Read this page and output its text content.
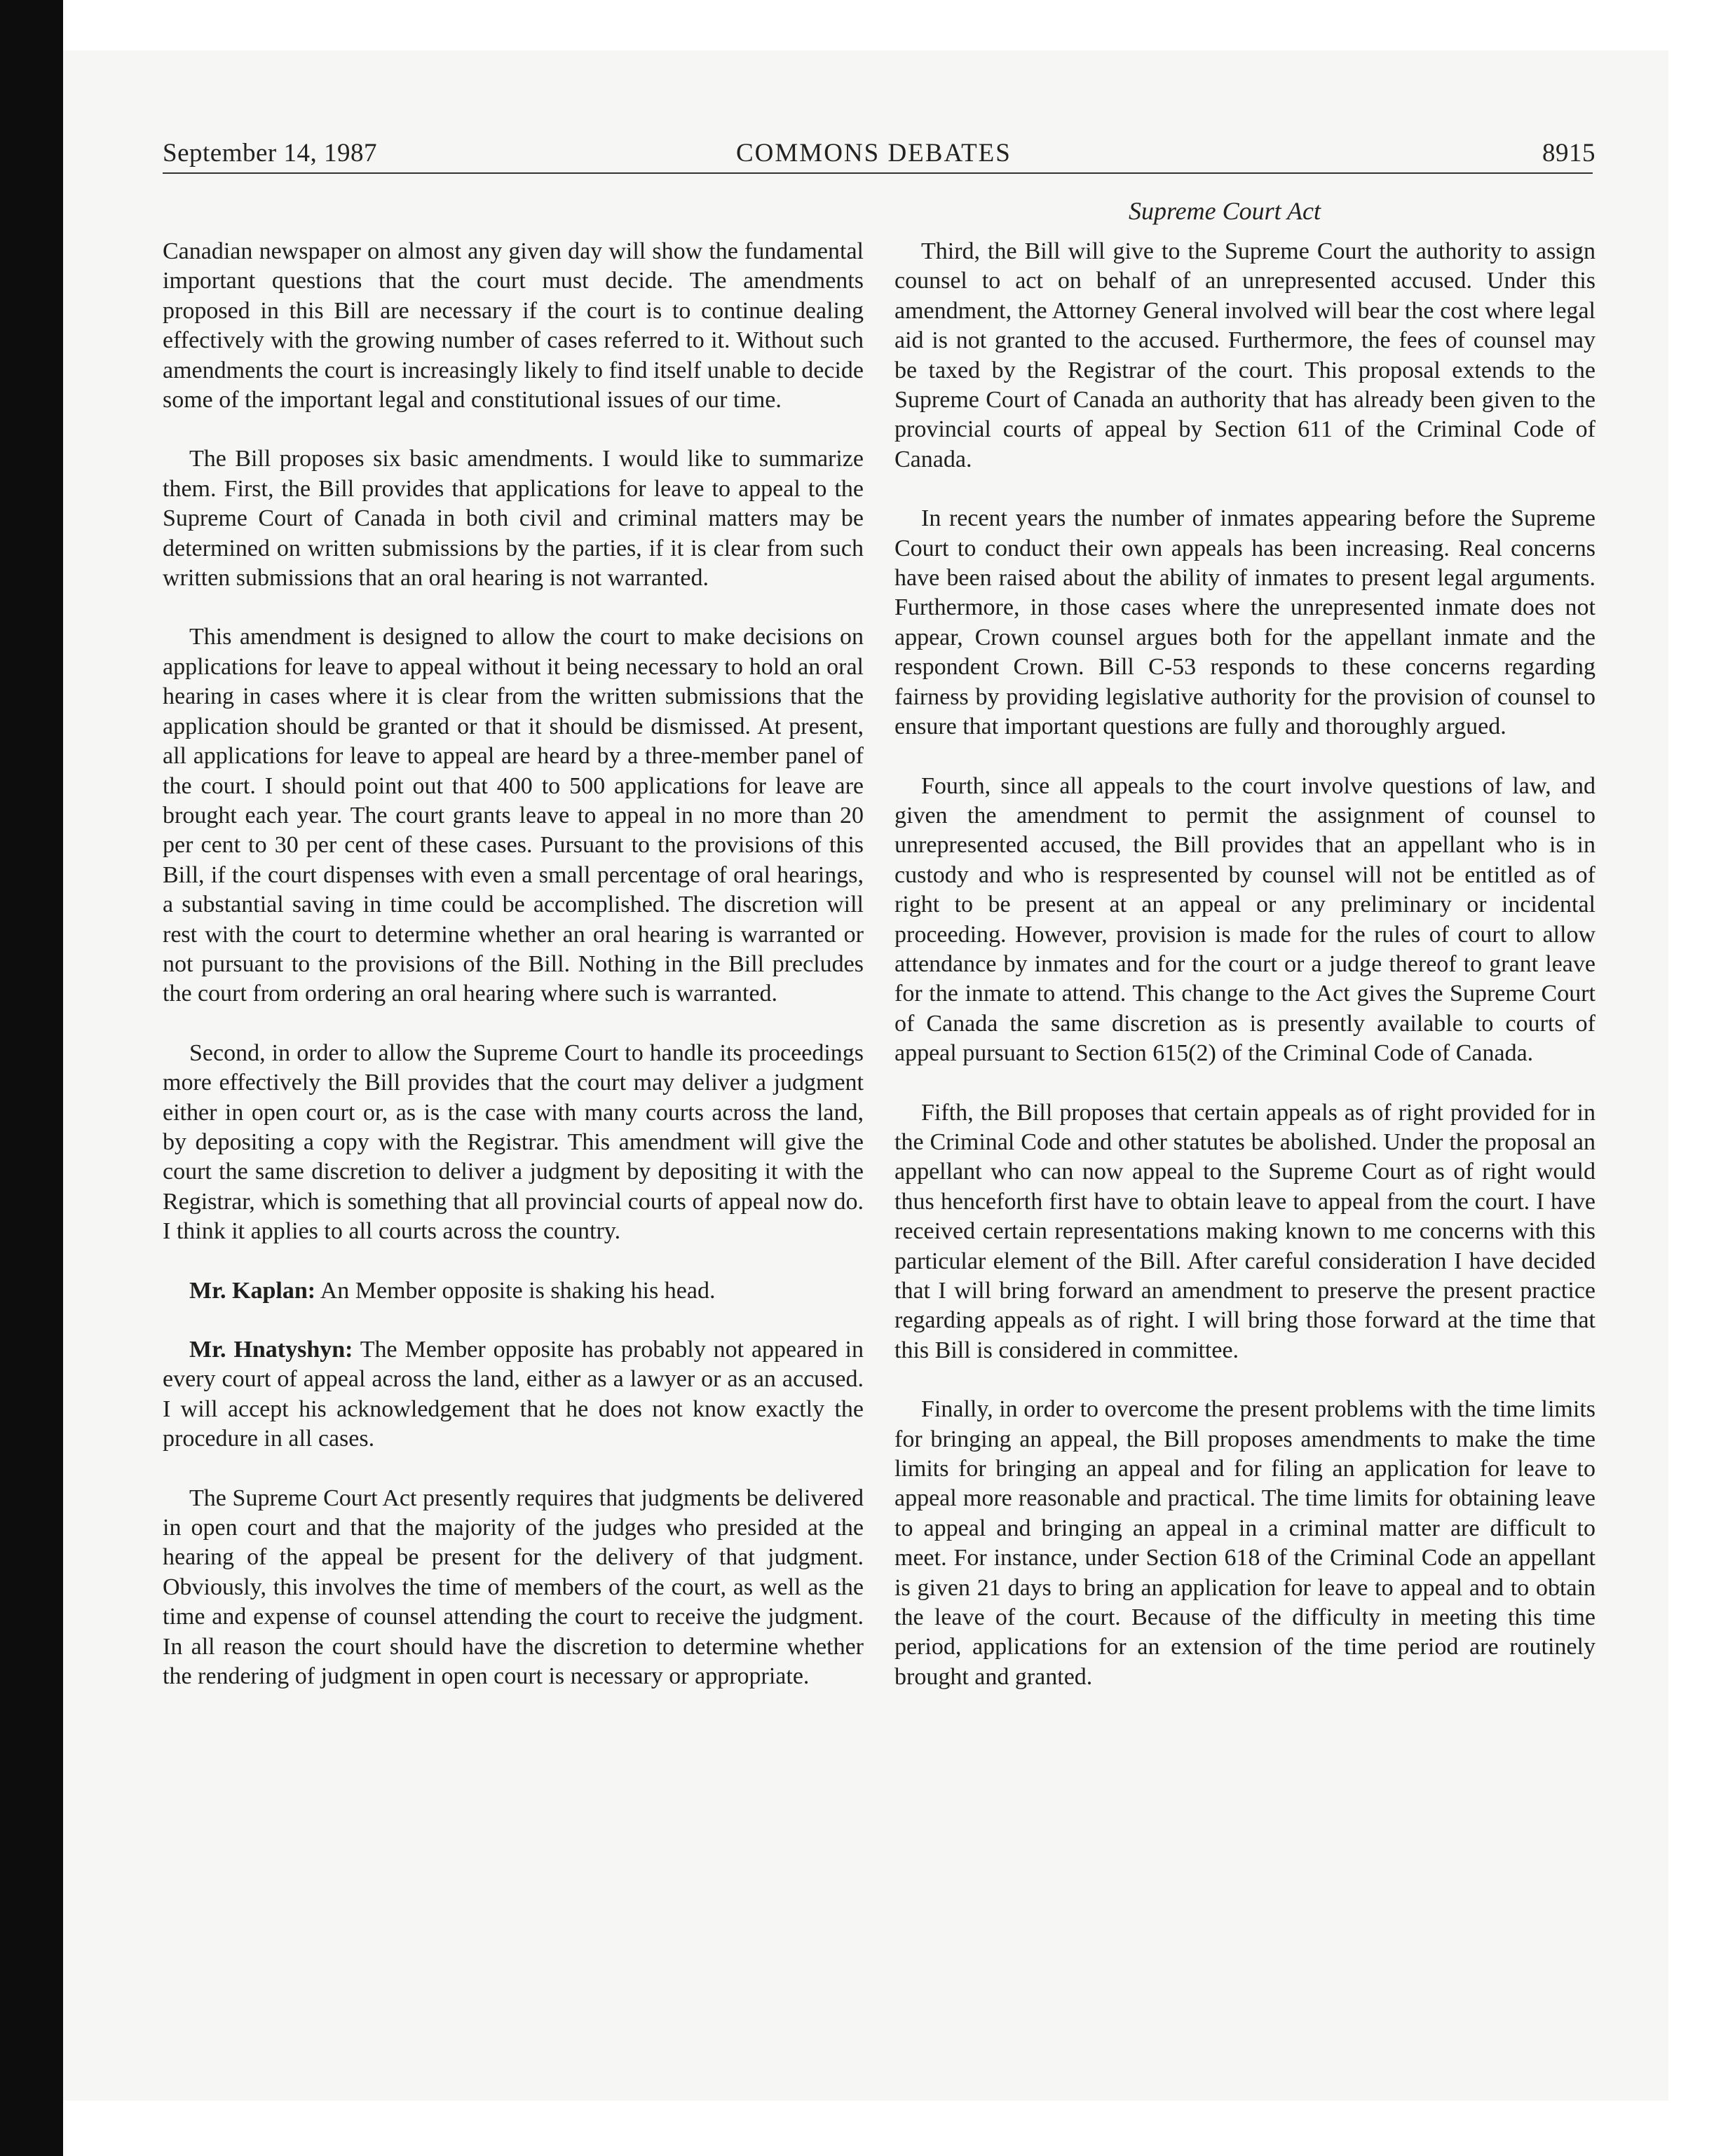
September 14, 1987	COMMONS DEBATES	8915
Supreme Court Act

Canadian newspaper on almost any given day will show the fundamental important questions that the court must decide. The amendments proposed in this Bill are necessary if the court is to continue dealing effectively with the growing number of cases referred to it. Without such amendments the court is increasingly likely to find itself unable to decide some of the important legal and constitutional issues of our time.

The Bill proposes six basic amendments. I would like to summarize them. First, the Bill provides that applications for leave to appeal to the Supreme Court of Canada in both civil and criminal matters may be determined on written submissions by the parties, if it is clear from such written submissions that an oral hearing is not warranted.

This amendment is designed to allow the court to make decisions on applications for leave to appeal without it being necessary to hold an oral hearing in cases where it is clear from the written submissions that the application should be granted or that it should be dismissed. At present, all applications for leave to appeal are heard by a three-member panel of the court. I should point out that 400 to 500 applications for leave are brought each year. The court grants leave to appeal in no more than 20 per cent to 30 per cent of these cases. Pursuant to the provisions of this Bill, if the court dispenses with even a small percentage of oral hearings, a substantial saving in time could be accomplished. The discretion will rest with the court to determine whether an oral hearing is warranted or not pursuant to the provisions of the Bill. Nothing in the Bill precludes the court from ordering an oral hearing where such is warranted.

Second, in order to allow the Supreme Court to handle its proceedings more effectively the Bill provides that the court may deliver a judgment either in open court or, as is the case with many courts across the land, by depositing a copy with the Registrar. This amendment will give the court the same discretion to deliver a judgment by depositing it with the Registrar, which is something that all provincial courts of appeal now do. I think it applies to all courts across the country.

Mr. Kaplan: An Member opposite is shaking his head.

Mr. Hnatyshyn: The Member opposite has probably not appeared in every court of appeal across the land, either as a lawyer or as an accused. I will accept his acknowledgement that he does not know exactly the procedure in all cases.

The Supreme Court Act presently requires that judgments be delivered in open court and that the majority of the judges who presided at the hearing of the appeal be present for the delivery of that judgment. Obviously, this involves the time of members of the court, as well as the time and expense of counsel attending the court to receive the judgment. In all reason the court should have the discretion to determine whether the rendering of judgment in open court is necessary or appropriate.

Third, the Bill will give to the Supreme Court the authority to assign counsel to act on behalf of an unrepresented accused. Under this amendment, the Attorney General involved will bear the cost where legal aid is not granted to the accused. Furthermore, the fees of counsel may be taxed by the Registrar of the court. This proposal extends to the Supreme Court of Canada an authority that has already been given to the provincial courts of appeal by Section 611 of the Criminal Code of Canada.

In recent years the number of inmates appearing before the Supreme Court to conduct their own appeals has been increasing. Real concerns have been raised about the ability of inmates to present legal arguments. Furthermore, in those cases where the unrepresented inmate does not appear, Crown counsel argues both for the appellant inmate and the respondent Crown. Bill C-53 responds to these concerns regarding fairness by providing legislative authority for the provision of counsel to ensure that important questions are fully and thoroughly argued.

Fourth, since all appeals to the court involve questions of law, and given the amendment to permit the assignment of counsel to unrepresented accused, the Bill provides that an appellant who is in custody and who is respresented by counsel will not be entitled as of right to be present at an appeal or any preliminary or incidental proceeding. However, provision is made for the rules of court to allow attendance by inmates and for the court or a judge thereof to grant leave for the inmate to attend. This change to the Act gives the Supreme Court of Canada the same discretion as is presently available to courts of appeal pursuant to Section 615(2) of the Criminal Code of Canada.

Fifth, the Bill proposes that certain appeals as of right provided for in the Criminal Code and other statutes be abolished. Under the proposal an appellant who can now appeal to the Supreme Court as of right would thus henceforth first have to obtain leave to appeal from the court. I have received certain representations making known to me concerns with this particular element of the Bill. After careful consideration I have decided that I will bring forward an amendment to preserve the present practice regarding appeals as of right. I will bring those forward at the time that this Bill is considered in committee.

Finally, in order to overcome the present problems with the time limits for bringing an appeal, the Bill proposes amendments to make the time limits for bringing an appeal and for filing an application for leave to appeal more reasonable and practical. The time limits for obtaining leave to appeal and bringing an appeal in a criminal matter are difficult to meet. For instance, under Section 618 of the Criminal Code an appellant is given 21 days to bring an application for leave to appeal and to obtain the leave of the court. Because of the difficulty in meeting this time period, applications for an extension of the time period are routinely brought and granted.
